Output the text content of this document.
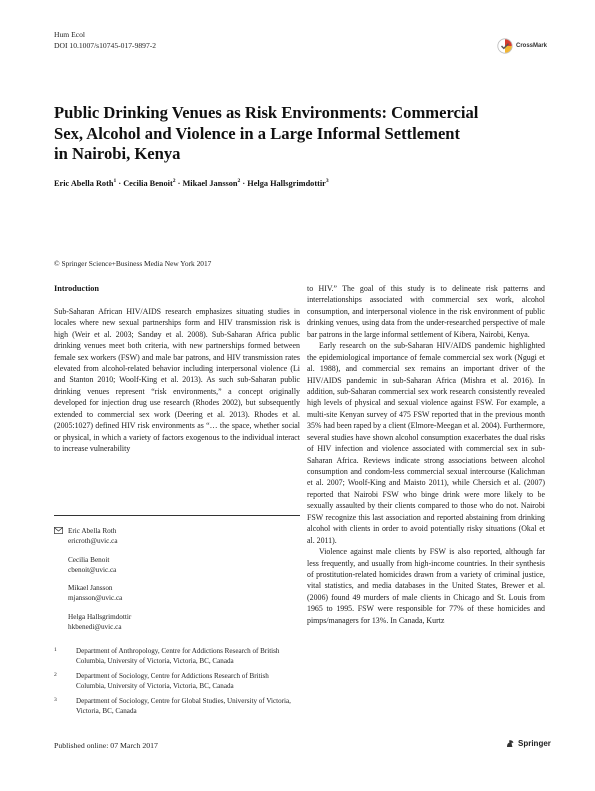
Hum Ecol
DOI 10.1007/s10745-017-9897-2	CrossMark
Public Drinking Venues as Risk Environments: Commercial
Sex, Alcohol and Violence in a Large Informal Settlement
in Nairobi, Kenya
Eric Abella Roth$^1$ · Cecilia Benoit$^2$ · Mikael Jansson$^2$ · Helga Hallsgrimdottir$^3$
© Springer Science+Business Media New York 2017
Introduction

Sub-Saharan African HIV/AIDS research emphasizes situating studies in locales where new sexual partnerships form and HIV transmission risk is high (Weir et al. 2003; Sandøy et al. 2008). Sub-Saharan Africa public drinking venues meet both criteria, with new partnerships formed between female sex workers (FSW) and male bar patrons, and HIV transmission rates elevated from alcohol-related behavior including interpersonal violence (Li and Stanton 2010; Woolf-King et al. 2013). As such sub-Saharan public drinking venues represent “risk environments,” a concept originally developed for injection drug use research (Rhodes 2002), but subsequently extended to commercial sex work (Deering et al. 2013). Rhodes et al. (2005:1027) defined HIV risk environments as “… the space, whether social or physical, in which a variety of factors exogenous to the individual interact to increase vulnerability

to HIV.” The goal of this study is to delineate risk patterns and interrelationships associated with commercial sex work, alcohol consumption, and interpersonal violence in the risk environment of public drinking venues, using data from the under-researched perspective of male bar patrons in the large informal settlement of Kibera, Nairobi, Kenya.

Early research on the sub-Saharan HIV/AIDS pandemic highlighted the epidemiological importance of female commercial sex work (Ngugi et al. 1988), and commercial sex remains an important driver of the HIV/AIDS pandemic in sub-Saharan Africa (Mishra et al. 2016). In addition, sub-Saharan commercial sex work research consistently revealed high levels of physical and sexual violence against FSW. For example, a multi-site Kenyan survey of 475 FSW reported that in the previous month 35% had been raped by a client (Elmore-Meegan et al. 2004). Furthermore, several studies have shown alcohol consumption exacerbates the dual risks of HIV infection and violence associated with commercial sex in sub-Saharan Africa. Reviews indicate strong associations between alcohol consumption and condom-less commercial sexual intercourse (Kalichman et al. 2007; Woolf-King and Maisto 2011), while Chersich et al. (2007) reported that Nairobi FSW who binge drink were more likely to be sexually assaulted by their clients compared to those who do not. Nairobi FSW recognize this last association and reported abstaining from drinking alcohol with clients in order to avoid potentially risky situations (Okal et al. 2011).

Violence against male clients by FSW is also reported, although far less frequently, and usually from high-income countries. In their synthesis of prostitution-related homicides drawn from a variety of criminal justice, vital statistics, and media databases in the United States, Brewer et al. (2006) found 49 murders of male clients in Chicago and St. Louis from 1965 to 1995. FSW were responsible for 77% of these homicides and pimps/managers for 13%. In Canada, Kurtz

Eric Abella Roth
ericroth@uvic.ca
Cecilia Benoit
cbenoit@uvic.ca
Mikael Jansson
mjansson@uvic.ca
Helga Hallsgrimdottir
hkbenedi@uvic.ca
1	Department of Anthropology, Centre for Addictions Research of British Columbia, University of Victoria, Victoria, BC, Canada
2	Department of Sociology, Centre for Addictions Research of British Columbia, University of Victoria, Victoria, BC, Canada
3	Department of Sociology, Centre for Global Studies, University of Victoria, Victoria, BC, Canada
Published online: 07 March 2017	Springer
